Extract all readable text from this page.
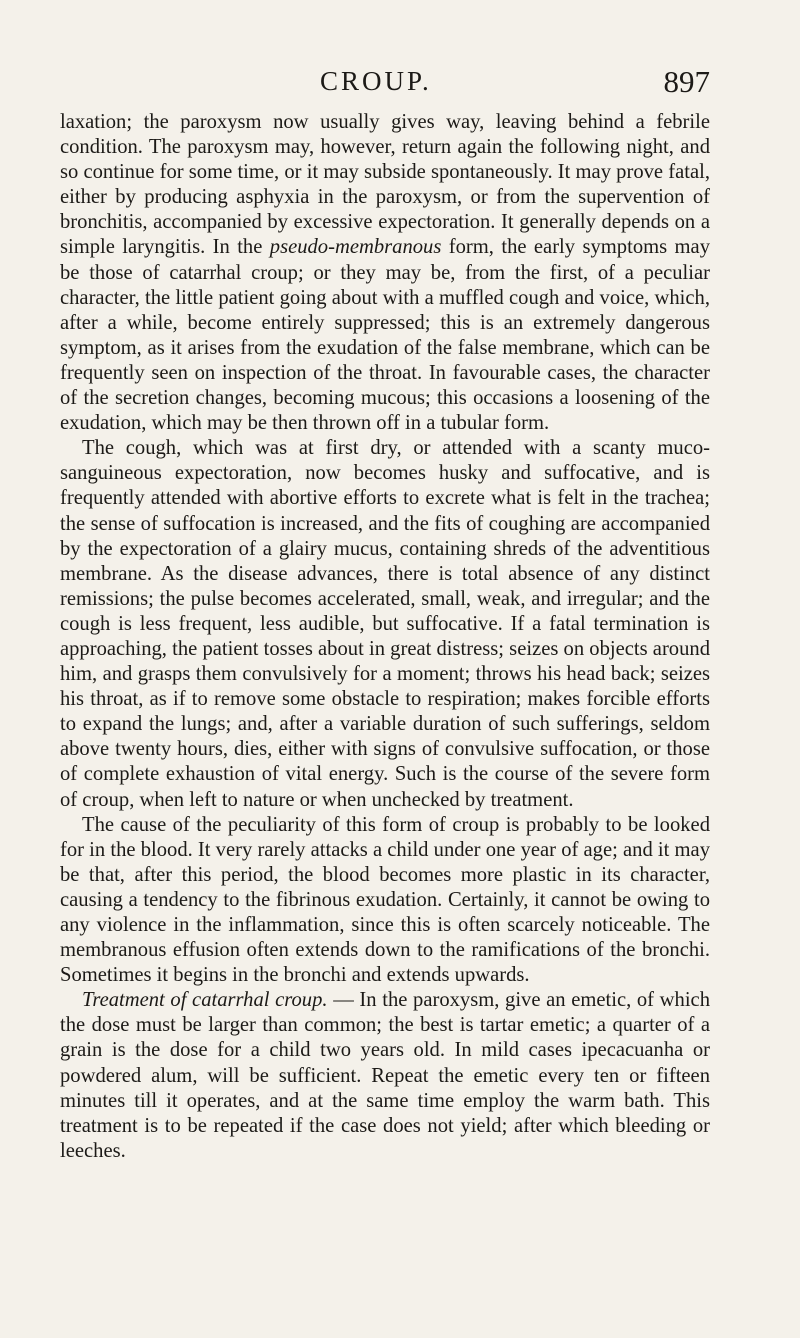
CROUP.	897

laxation; the paroxysm now usually gives way, leaving behind a febrile condition. The paroxysm may, however, return again the following night, and so continue for some time, or it may subside spontaneously. It may prove fatal, either by producing asphyxia in the paroxysm, or from the supervention of bronchitis, accompanied by excessive expectoration. It generally depends on a simple laryngitis. In the pseudo-membranous form, the early symptoms may be those of catarrhal croup; or they may be, from the first, of a peculiar character, the little patient going about with a muffled cough and voice, which, after a while, become entirely suppressed; this is an extremely dangerous symptom, as it arises from the exudation of the false membrane, which can be frequently seen on inspection of the throat. In favourable cases, the character of the secretion changes, becoming mucous; this occasions a loosening of the exudation, which may be then thrown off in a tubular form.

The cough, which was at first dry, or attended with a scanty muco-sanguineous expectoration, now becomes husky and suffocative, and is frequently attended with abortive efforts to excrete what is felt in the trachea; the sense of suffocation is increased, and the fits of coughing are accompanied by the expectoration of a glairy mucus, containing shreds of the adventitious membrane. As the disease advances, there is total absence of any distinct remissions; the pulse becomes accelerated, small, weak, and irregular; and the cough is less frequent, less audible, but suffocative. If a fatal termination is approaching, the patient tosses about in great distress; seizes on objects around him, and grasps them convulsively for a moment; throws his head back; seizes his throat, as if to remove some obstacle to respiration; makes forcible efforts to expand the lungs; and, after a variable duration of such sufferings, seldom above twenty hours, dies, either with signs of convulsive suffocation, or those of complete exhaustion of vital energy. Such is the course of the severe form of croup, when left to nature or when unchecked by treatment.

The cause of the peculiarity of this form of croup is probably to be looked for in the blood. It very rarely attacks a child under one year of age; and it may be that, after this period, the blood becomes more plastic in its character, causing a tendency to the fibrinous exudation. Certainly, it cannot be owing to any violence in the inflammation, since this is often scarcely noticeable. The membranous effusion often extends down to the ramifications of the bronchi. Sometimes it begins in the bronchi and extends upwards.

Treatment of catarrhal croup. — In the paroxysm, give an emetic, of which the dose must be larger than common; the best is tartar emetic; a quarter of a grain is the dose for a child two years old. In mild cases ipecacuanha or powdered alum, will be sufficient. Repeat the emetic every ten or fifteen minutes till it operates, and at the same time employ the warm bath. This treatment is to be repeated if the case does not yield; after which bleeding or leeches.
